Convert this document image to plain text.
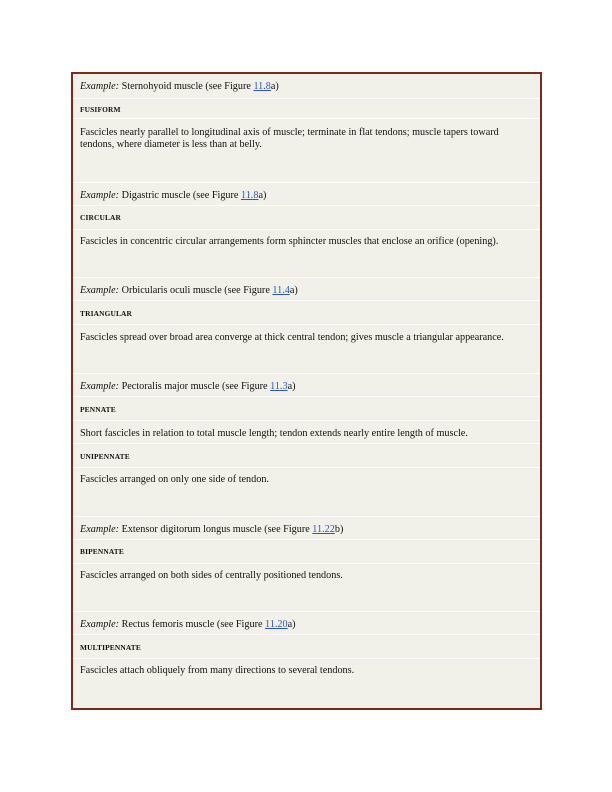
Example: Sternohyoid muscle (see Figure 11.8a)
FUSIFORM
Fascicles nearly parallel to longitudinal axis of muscle; terminate in flat tendons; muscle tapers toward tendons, where diameter is less than at belly.
Example: Digastric muscle (see Figure 11.8a)
CIRCULAR
Fascicles in concentric circular arrangements form sphincter muscles that enclose an orifice (opening).
Example: Orbicularis oculi muscle (see Figure 11.4a)
TRIANGULAR
Fascicles spread over broad area converge at thick central tendon; gives muscle a triangular appearance.
Example: Pectoralis major muscle (see Figure 11.3a)
PENNATE
Short fascicles in relation to total muscle length; tendon extends nearly entire length of muscle.
UNIPENNATE
Fascicles arranged on only one side of tendon.
Example: Extensor digitorum longus muscle (see Figure 11.22b)
BIPENNATE
Fascicles arranged on both sides of centrally positioned tendons.
Example: Rectus femoris muscle (see Figure 11.20a)
MULTIPENNATE
Fascicles attach obliquely from many directions to several tendons.
